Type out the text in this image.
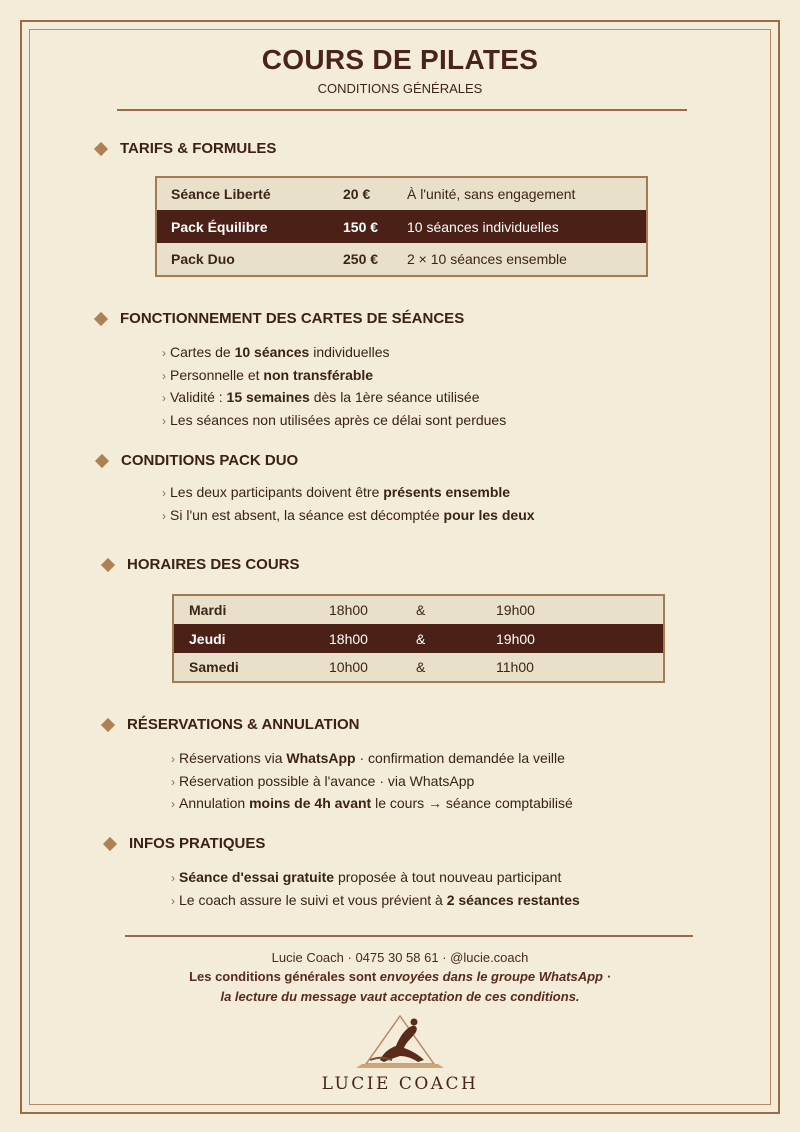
COURS DE PILATES
CONDITIONS GÉNÉRALES
TARIFS & FORMULES
Séance Liberté	20 €	À l'unité, sans engagement
Pack Équilibre	150 €	10 séances individuelles
Pack Duo	250 €	2 × 10 séances ensemble
FONCTIONNEMENT DES CARTES DE SÉANCES
› Cartes de 10 séances individuelles
› Personnelle et non transférable
› Validité : 15 semaines dès la 1ère séance utilisée
› Les séances non utilisées après ce délai sont perdues
CONDITIONS PACK DUO
› Les deux participants doivent être présents ensemble
› Si l'un est absent, la séance est décomptée pour les deux
HORAIRES DES COURS
Mardi	18h00	&	19h00
Jeudi	18h00	&	19h00
Samedi	10h00	&	11h00
RÉSERVATIONS & ANNULATION
› Réservations via WhatsApp · confirmation demandée la veille
› Réservation possible à l'avance · via WhatsApp
› Annulation moins de 4h avant le cours → séance comptabilisé
INFOS PRATIQUES
› Séance d'essai gratuite proposée à tout nouveau participant
› Le coach assure le suivi et vous prévient à 2 séances restantes
Lucie Coach · 0475 30 58 61 · @lucie.coach
Les conditions générales sont envoyées dans le groupe WhatsApp ·
la lecture du message vaut acceptation de ces conditions.
LUCIE COACH
